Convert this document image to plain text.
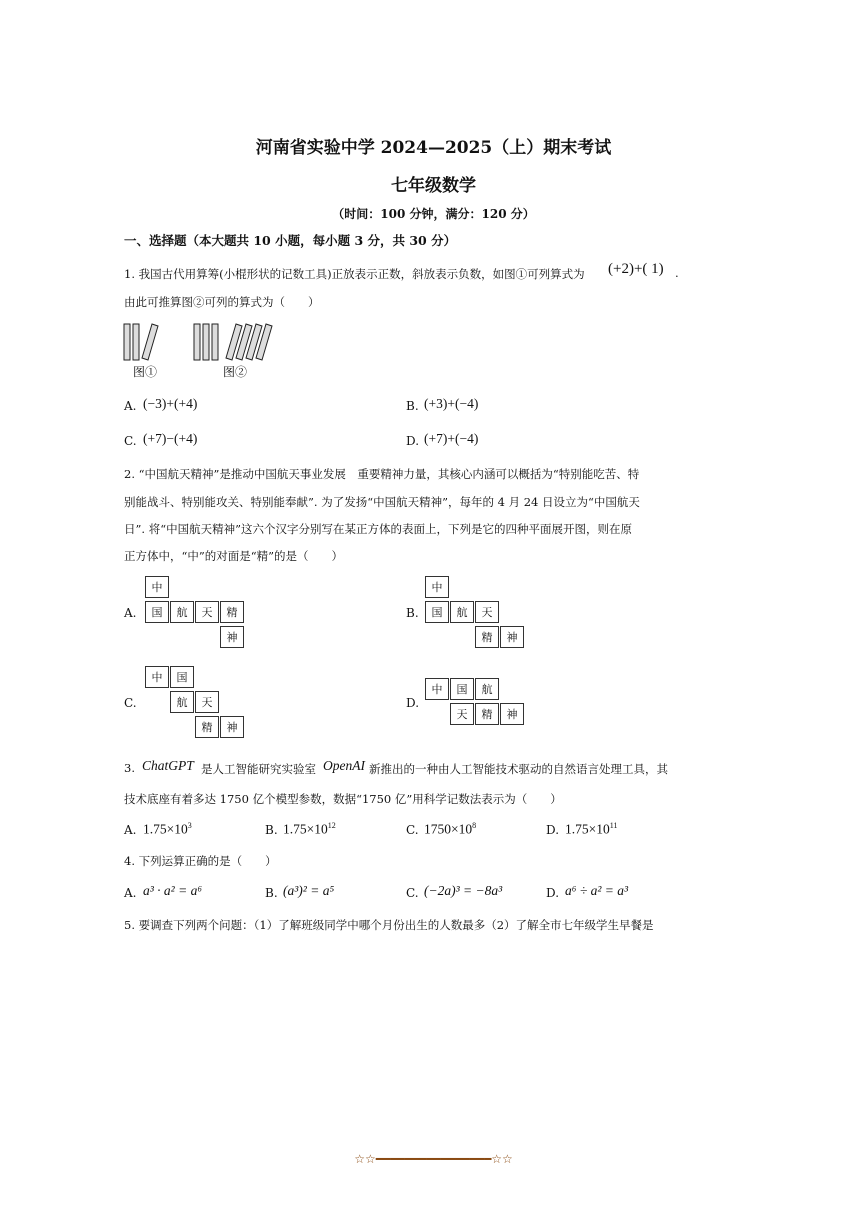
河南省实验中学 2024—2025（上）期末考试
七年级数学
（时间：100 分钟，满分：120 分）
一、选择题（本大题共 10 小题，每小题 3 分，共 30 分）
1. 我国古代用算筹(小棍形状的记数工具)正放表示正数，斜放表示负数，如图①可列算式为 (+2)+( 1) .
由此可推算图②可列的算式为（　　）
图①	图②
A. (−3)+(+4)	B. (+3)+(−4)
C. (+7)−(+4)	D. (+7)+(−4)
2. “中国航天精神”是推动中国航天事业发展　重要精神力量，其核心内涵可以概括为“特别能吃苦、特
别能战斗、特别能攻关、特别能奉献”. 为了发扬“中国航天精神”，每年的 4 月 24 日设立为“中国航天
日”. 将“中国航天精神”这六个汉字分别写在某正方体的表面上，下列是它的四种平面展开图，则在原
正方体中，“中”的对面是“精”的是（　　）
A.
中
国	航	天	精
神
B.
中
国	航	天
精	神
C.
中	国
航	天
精	神
D.
中	国	航
天	精	神
3. ChatGPT 是人工智能研究实验室 OpenAI 新推出的一种由人工智能技术驱动的自然语言处理工具，其
技术底座有着多达 1750 亿个模型参数，数据“1750 亿”用科学记数法表示为（　　）
A. $1.75\times 10^3$	B. $1.75\times 10^{12}$	C. $1750\times 10^8$	D. $1.75\times 10^{11}$
4. 下列运算正确的是（　　）
A. a³ · a² = a⁶	B. (a³)² = a⁵	C. (−2a)³ = −8a³	D. a⁶ ÷ a² = a³
5. 要调查下列两个问题：（1）了解班级同学中哪个月份出生的人数最多（2）了解全市七年级学生早餐是
☆☆━━━━━━━━━━━━━━━━☆☆
